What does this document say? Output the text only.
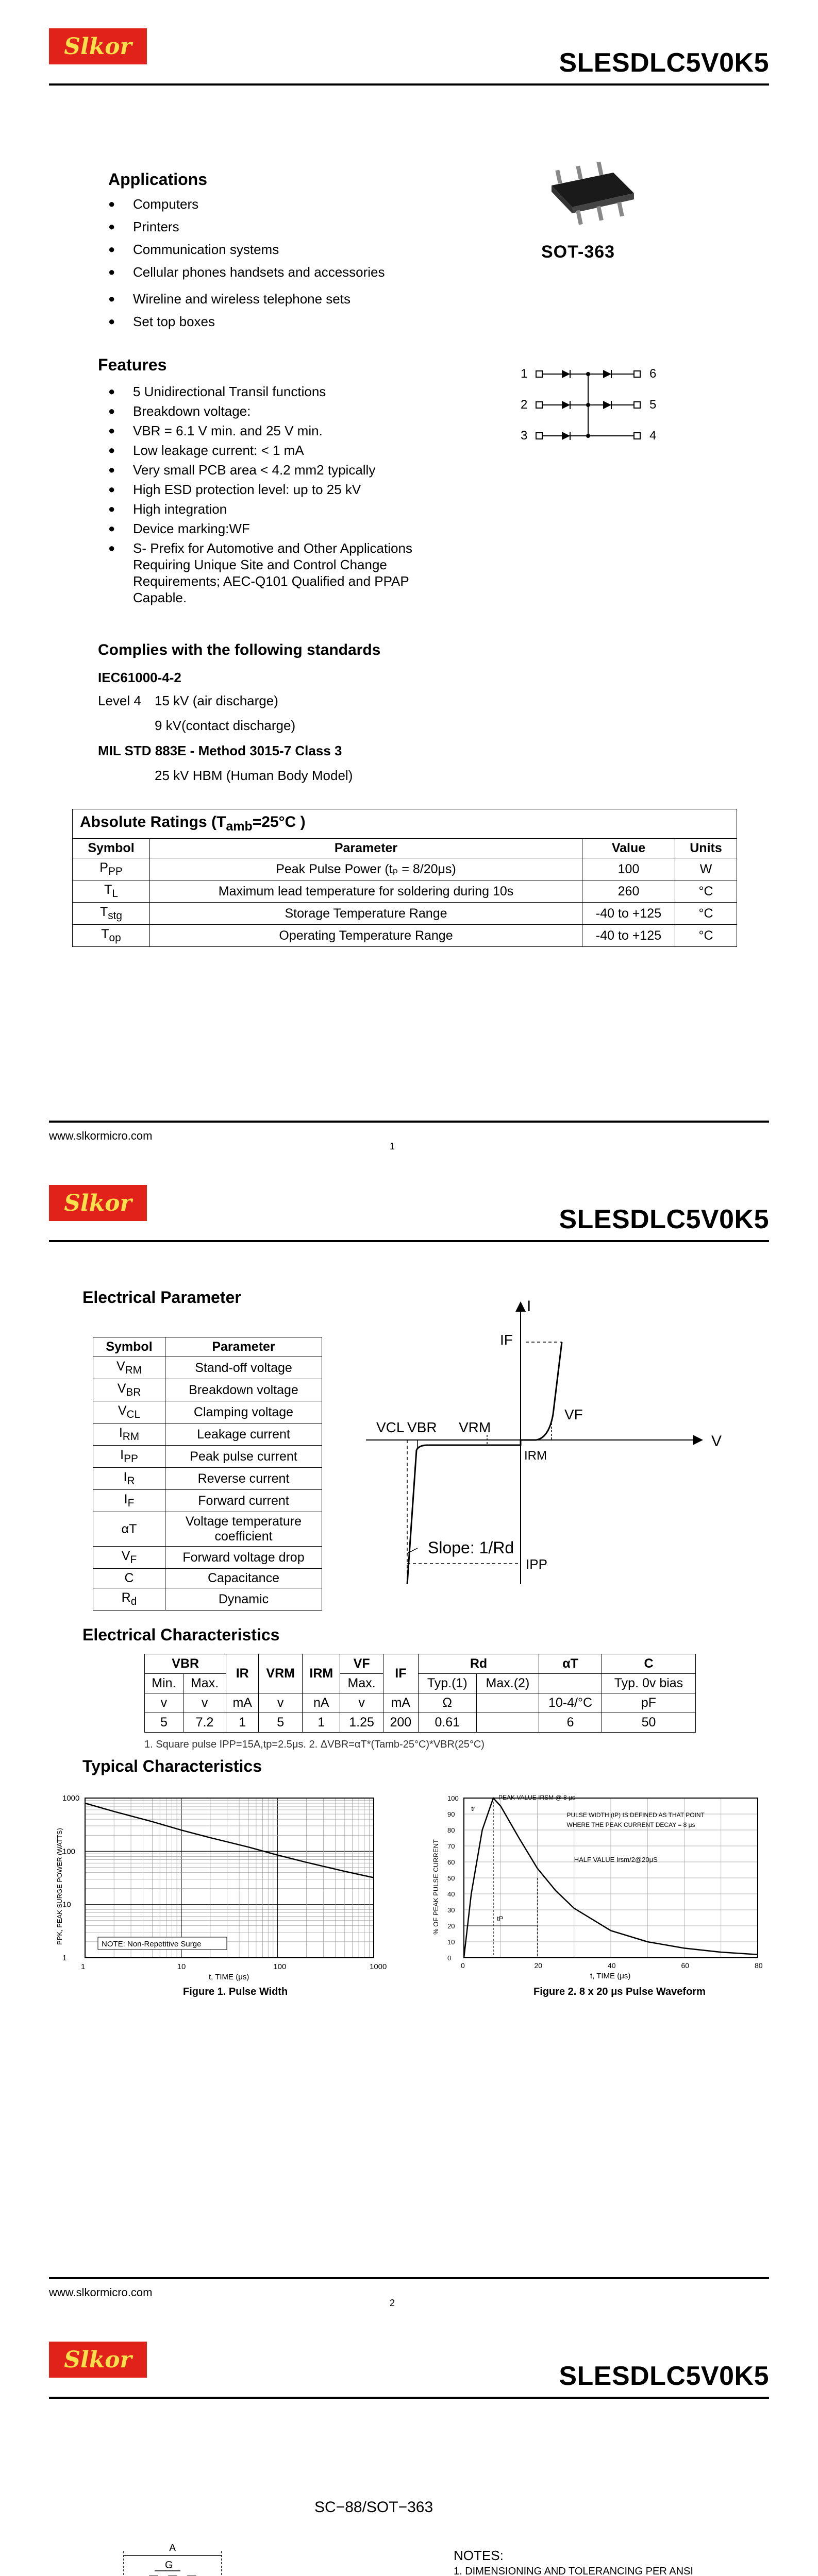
Slkor
SLESDLC5V0K5
Applications
● Computers
● Printers
● Communication systems
● Cellular phones handsets and accessories
● Wireline and wireless telephone sets
● Set top boxes
SOT-363
1
2
3
6
5
4
Features
● 5 Unidirectional Transil functions
● Breakdown voltage:
● VBR = 6.1 V min. and 25 V min.
● Low leakage current: < 1 mA
● Very small PCB area < 4.2 mm2 typically
● High ESD protection level: up to 25 kV
● High integration
● Device marking:WF
● S- Prefix for Automotive and Other Applications
Requiring Unique Site and Control Change
Requirements; AEC-Q101 Qualified and PPAP
Capable.
Complies with the following standards
IEC61000-4-2
Level 4 15 kV (air discharge)
9 kV(contact discharge)
MIL STD 883E - Method 3015-7 Class 3
25 kV HBM (Human Body Model)
Absolute Ratings ($T_{amb}=25^\circ C$ )			
Symbol	Parameter	Value	Units
$P_{PP}$	Peak Pulse Power (tₚ = 8/20μs)	100	W
$T_L$	Maximum lead temperature for soldering during 10s	260	°C
$T_{stg}$	Storage Temperature Range	-40 to +125	°C
$T_{op}$	Operating Temperature Range	-40 to +125	°C
www.slkormicro.com
1
Slkor
SLESDLC5V0K5
Electrical Parameter
Symbol	Parameter
$V_{RM}$	Stand-off voltage
$V_{BR}$	Breakdown voltage
$V_{CL}$	Clamping voltage
$I_{RM}$	Leakage current
$I_{PP}$	Peak pulse current
$I_R$	Reverse current
$I_F$	Forward current
αT	Voltage temperature coefficient
$V_F$	Forward voltage drop
C	Capacitance
$R_d$	Dynamic
I
V
IF
VF
VCL VBR VRM
IRM
IPP
Slope: 1/Rd
Electrical Characteristics
VBR		IR	VRM	IRM	VF	IF	Rd		αT	C
Min.	Max.				Max.		Typ.(1)	Max.(2)		Typ. 0v bias
v	v	mA	v	nA	v	mA	Ω		10-4/°C	pF
5	7.2	1	5	1	1.25	200	0.61		6	50
1. Square pulse IPP=15A,tp=2.5μs. 2. ΔVBR=αT*(Tamb-25°C)*VBR(25°C)
Typical Characteristics
1	10	100	1000
1000
100
10
1
NOTE: Non-Repetitive Surge
t, TIME (μs)
PPK, PEAK SURGE POWER (WATTS)
Figure 1. Pulse Width
0	20	40	60	80
0
10
20
30
40
50
60
70
80
90
100	PEAK VALUE IRSM @ 8 μs
PULSE WIDTH (tP) IS DEFINED AS THAT POINT
WHERE THE PEAK CURRENT DECAY = 8 μs
HALF VALUE Irsm/2@20μS
tr
tP
t, TIME (μs)
% OF PEAK PULSE CURRENT
Figure 2. 8 x 20 μs Pulse Waveform
www.slkormicro.com
2
Slkor
SLESDLC5V0K5
SC−88/SOT−363
NOTES:
1. DIMENSIONING AND TOLERANCING PER ANSI

A
G
